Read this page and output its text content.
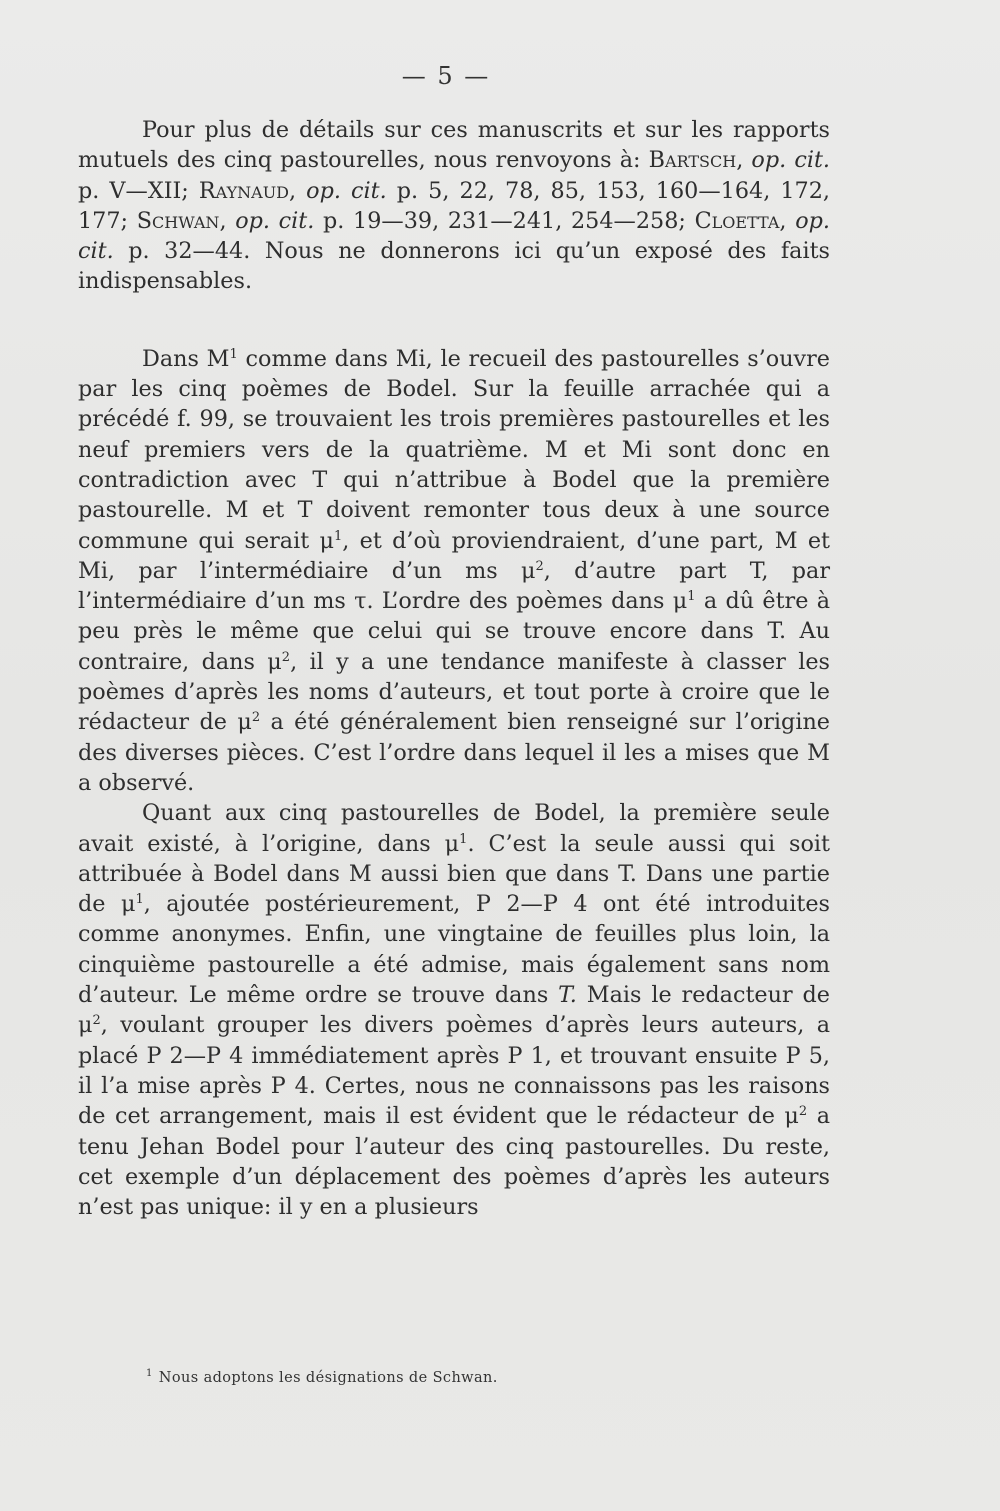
— 5 —

Pour plus de détails sur ces manuscrits et sur les rapports mutuels des cinq pastourelles, nous renvoyons à: Bartsch, op. cit. p. V—XII; Raynaud, op. cit. p. 5, 22, 78, 85, 153, 160—164, 172, 177; Schwan, op. cit. p. 19—39, 231—241, 254—258; Cloetta, op. cit. p. 32—44. Nous ne donnerons ici qu’un exposé des faits indispensables.

Dans $M^1$ comme dans Mi, le recueil des pastourelles s’ouvre par les cinq poèmes de Bodel. Sur la feuille arrachée qui a précédé f. 99, se trouvaient les trois premières pastourelles et les neuf premiers vers de la quatrième. M et Mi sont donc en contradiction avec T qui n’attribue à Bodel que la première pastourelle. M et T doivent remonter tous deux à une source commune qui serait $\mu^1$, et d’où proviendraient, d’une part, M et Mi, par l’intermédiaire d’un ms $\mu^2$, d’autre part T, par l’intermédiaire d’un ms τ. L’ordre des poèmes dans $\mu^1$ a dû être à peu près le même que celui qui se trouve encore dans T. Au contraire, dans $\mu^2$, il y a une tendance manifeste à classer les poèmes d’après les noms d’auteurs, et tout porte à croire que le rédacteur de $\mu^2$ a été généralement bien renseigné sur l’origine des diverses pièces. C’est l’ordre dans lequel il les a mises que M a observé.

Quant aux cinq pastourelles de Bodel, la première seule avait existé, à l’origine, dans $\mu^1$. C’est la seule aussi qui soit attribuée à Bodel dans M aussi bien que dans T. Dans une partie de $\mu^1$, ajoutée postérieurement, P 2—P 4 ont été introduites comme anonymes. Enfin, une vingtaine de feuilles plus loin, la cinquième pastourelle a été admise, mais également sans nom d’auteur. Le même ordre se trouve dans T. Mais le redacteur de $\mu^2$, voulant grouper les divers poèmes d’après leurs auteurs, a placé P 2—P 4 immédiatement après P 1, et trouvant ensuite P 5, il l’a mise après P 4. Certes, nous ne connaissons pas les raisons de cet arrangement, mais il est évident que le rédacteur de $\mu^2$ a tenu Jehan Bodel pour l’auteur des cinq pastourelles. Du reste, cet exemple d’un déplacement des poèmes d’après les auteurs n’est pas unique: il y en a plusieurs

$^1$ Nous adoptons les désignations de Schwan.
